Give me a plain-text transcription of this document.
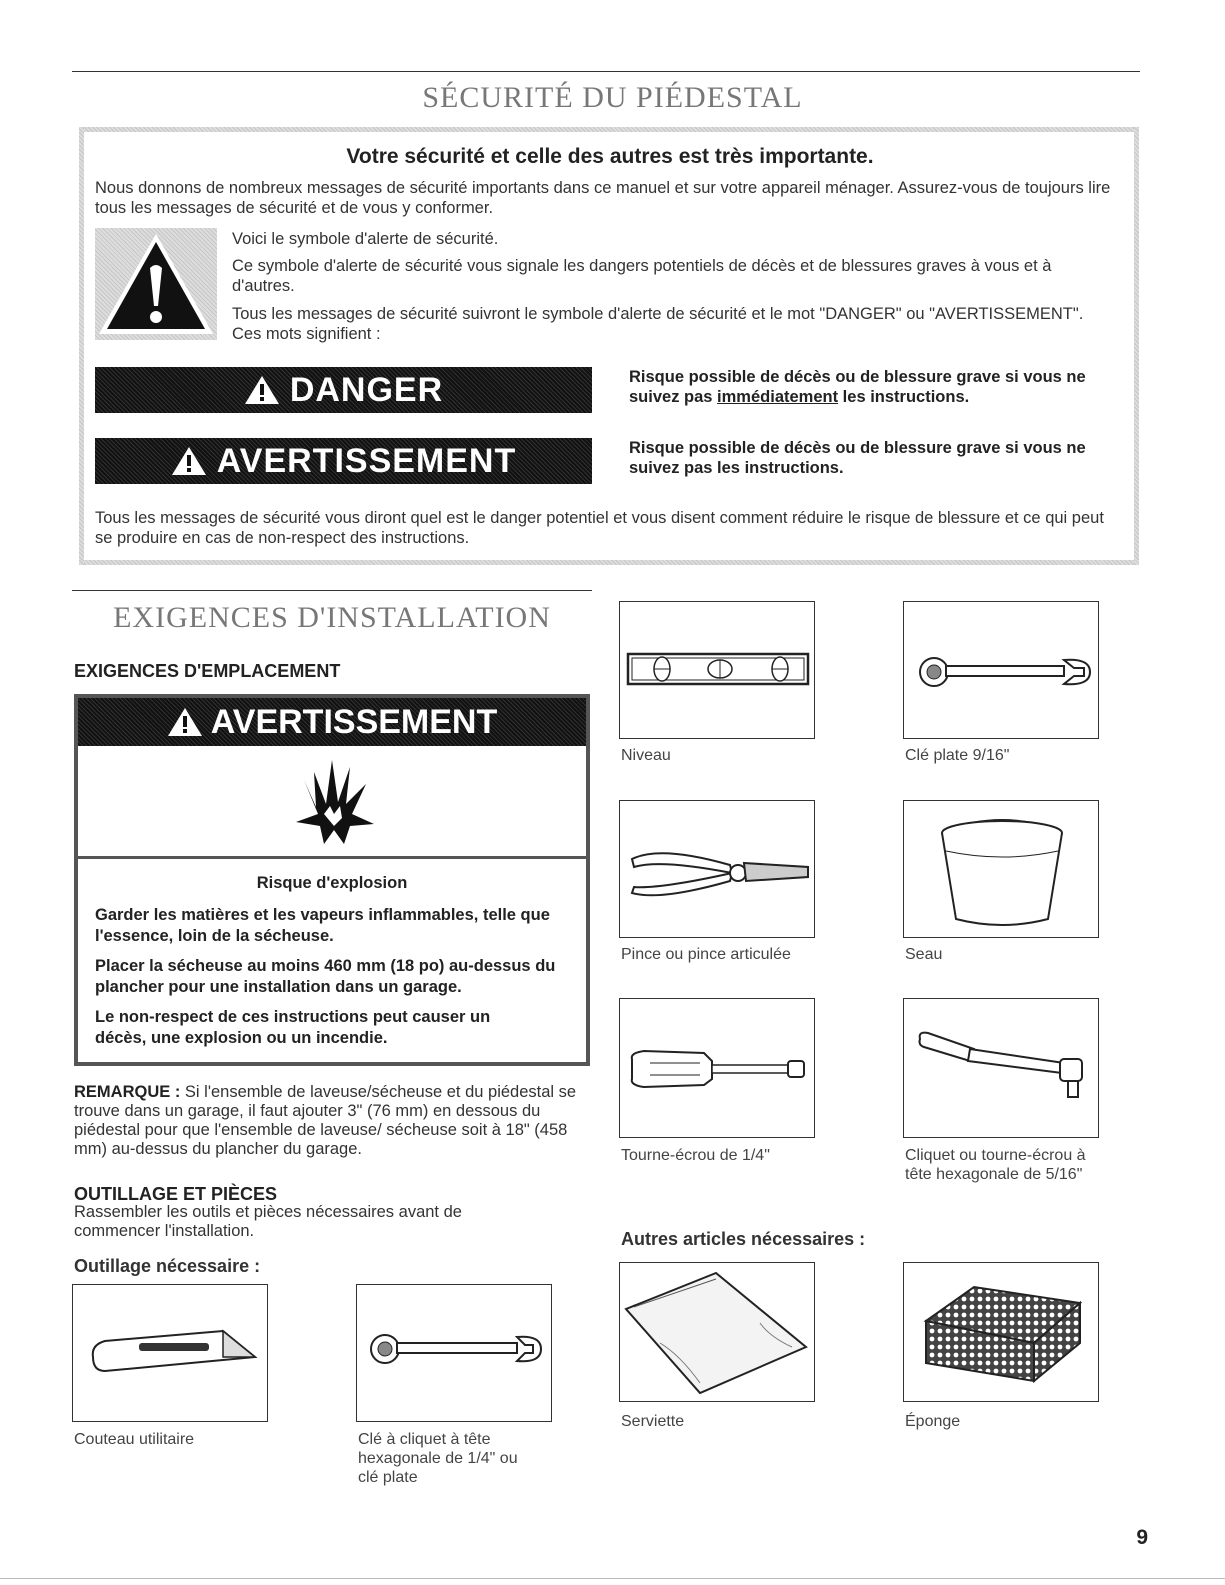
SÉCURITÉ DU PIÉDESTAL
Votre sécurité et celle des autres est très importante.
Nous donnons de nombreux messages de sécurité importants dans ce manuel et sur votre appareil ménager. Assurez-vous de toujours lire tous les messages de sécurité et de vous y conformer.
Voici le symbole d'alerte de sécurité.
Ce symbole d'alerte de sécurité vous signale les dangers potentiels de décès et de blessures graves à vous et à d'autres.
Tous les messages de sécurité suivront le symbole d'alerte de sécurité et le mot "DANGER" ou "AVERTISSEMENT". Ces mots signifient :
DANGER	Risque possible de décès ou de blessure grave si vous ne suivez pas immédiatement les instructions.
AVERTISSEMENT	Risque possible de décès ou de blessure grave si vous ne suivez pas les instructions.
Tous les messages de sécurité vous diront quel est le danger potentiel et vous disent comment réduire le risque de blessure et ce qui peut se produire en cas de non-respect des instructions.
EXIGENCES D'INSTALLATION
EXIGENCES D'EMPLACEMENT
AVERTISSEMENT
Risque d'explosion
Garder les matières et les vapeurs inflammables, telle que l'essence, loin de la sécheuse.
Placer la sécheuse au moins 460 mm (18 po) au-dessus du plancher pour une installation dans un garage.
Le non-respect de ces instructions peut causer un décès, une explosion ou un incendie.
REMARQUE : Si l'ensemble de laveuse/sécheuse et du piédestal se trouve dans un garage, il faut ajouter 3" (76 mm) en dessous du piédestal pour que l'ensemble de laveuse/ sécheuse soit à 18" (458 mm) au-dessus du plancher du garage.
OUTILLAGE ET PIÈCES
Rassembler les outils et pièces nécessaires avant de commencer l'installation.
Outillage nécessaire :
Couteau utilitaire	Clé à cliquet à tête hexagonale de 1/4" ou clé plate
Niveau	Clé plate 9/16"
Pince ou pince articulée	Seau
Tourne-écrou de 1/4"	Cliquet ou tourne-écrou à tête hexagonale de 5/16"
Autres articles nécessaires :
Serviette	Éponge
9
